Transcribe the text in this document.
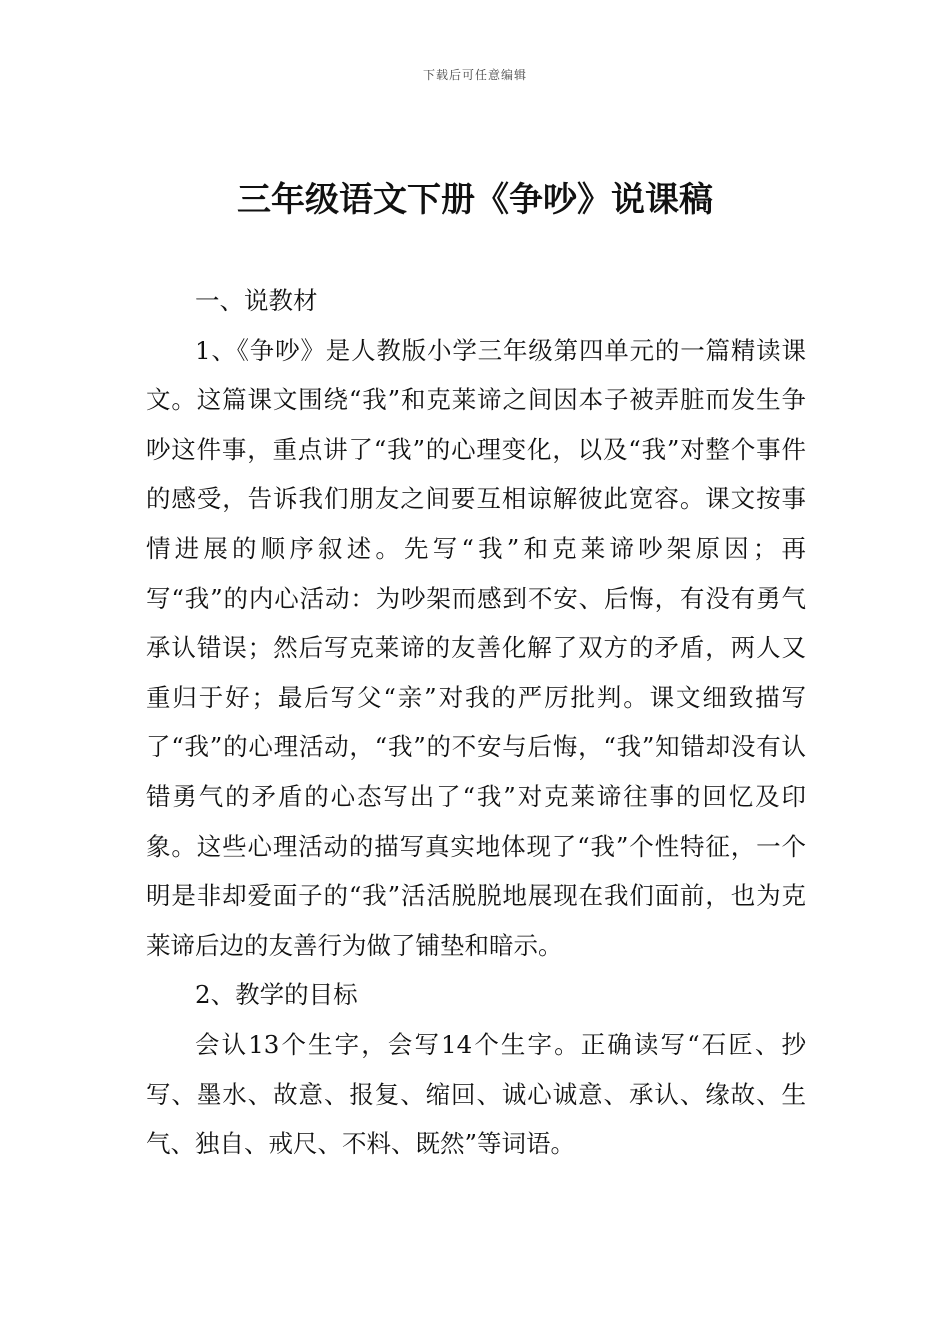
下载后可任意编辑
三年级语文下册《争吵》说课稿

一、说教材

1、《争吵》是人教版小学三年级第四单元的一篇精读课文。这篇课文围绕“我”和克莱谛之间因本子被弄脏而发生争吵这件事，重点讲了“我”的心理变化，以及“我”对整个事件的感受，告诉我们朋友之间要互相谅解彼此宽容。课文按事情进展的顺序叙述。先写“我”和克莱谛吵架原因；再写“我”的内心活动：为吵架而感到不安、后悔，有没有勇气承认错误；然后写克莱谛的友善化解了双方的矛盾，两人又重归于好；最后写父“亲”对我的严厉批判。课文细致描写了“我”的心理活动，“我”的不安与后悔，“我”知错却没有认错勇气的矛盾的心态写出了“我”对克莱谛往事的回忆及印象。这些心理活动的描写真实地体现了“我”个性特征，一个明是非却爱面子的“我”活活脱脱地展现在我们面前，也为克莱谛后边的友善行为做了铺垫和暗示。

2、教学的目标

会认13个生字，会写14个生字。正确读写“石匠、抄写、墨水、故意、报复、缩回、诚心诚意、承认、缘故、生气、独自、戒尺、不料、既然”等词语。
